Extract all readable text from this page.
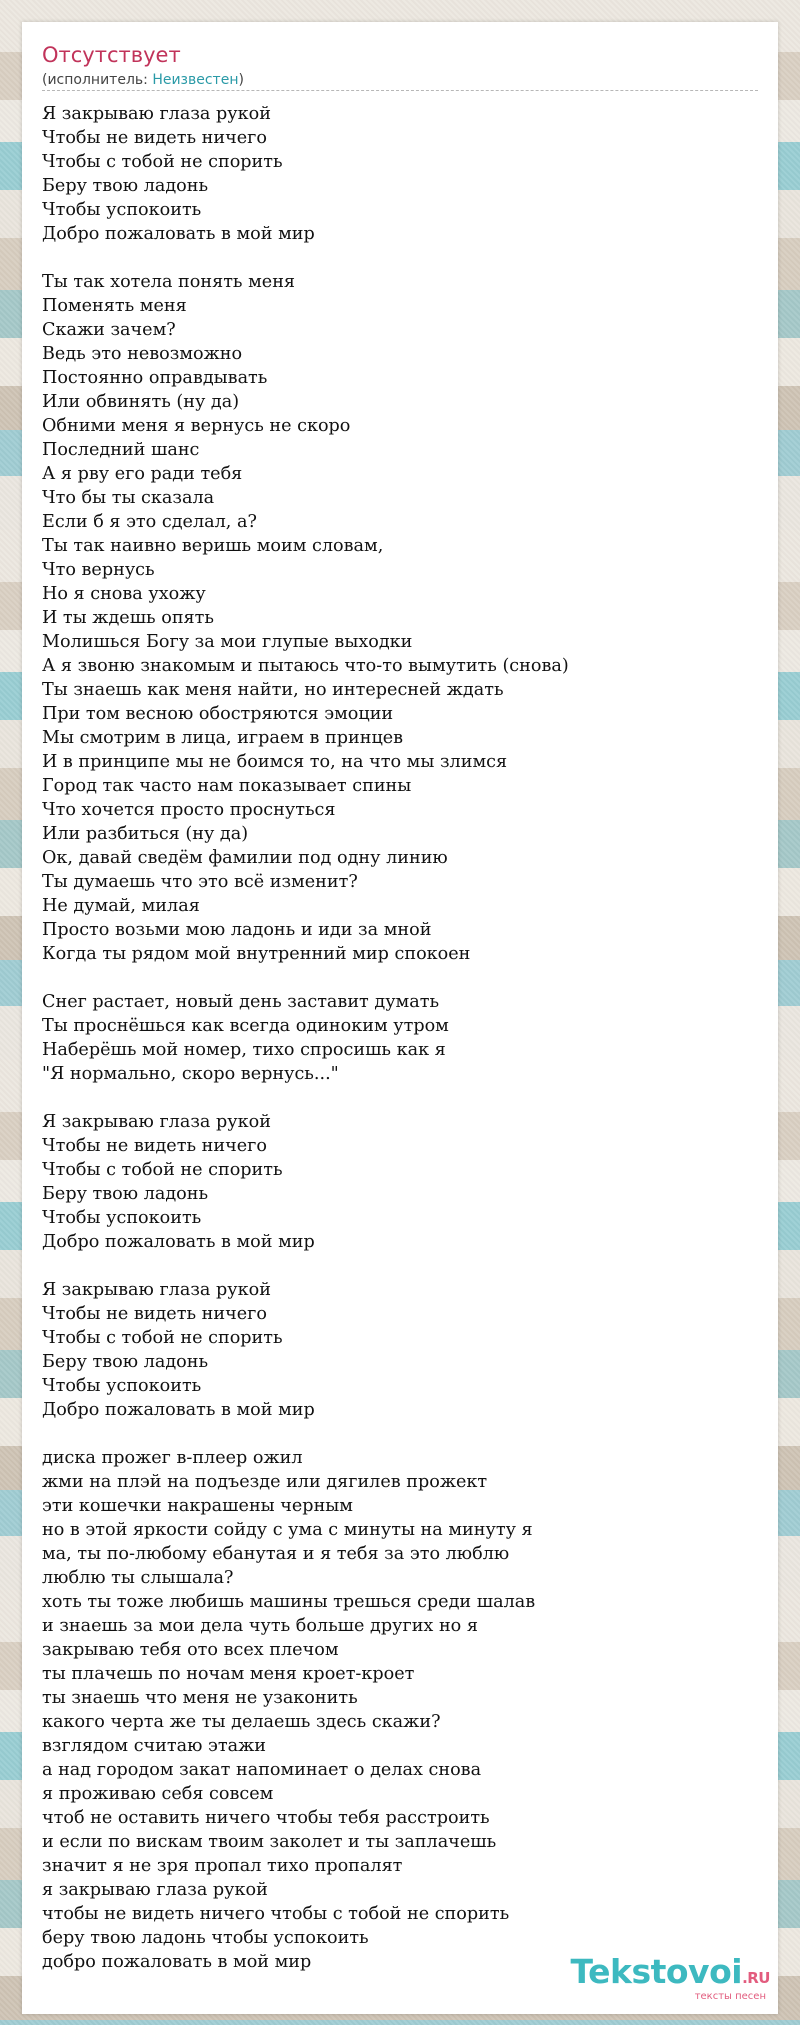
Отсутствует
(исполнитель: Неизвестен)
Я закрываю глаза рукой
Чтобы не видеть ничего
Чтобы с тобой не спорить
Беру твою ладонь
Чтобы успокоить
Добро пожаловать в мой мир

Ты так хотела понять меня
Поменять меня
Скажи зачем?
Ведь это невозможно
Постоянно оправдывать
Или обвинять (ну да)
Обними меня я вернусь не скоро
Последний шанс
А я рву его ради тебя
Что бы ты сказала
Если б я это сделал, а?
Ты так наивно веришь моим словам,
Что вернусь
Но я снова ухожу
И ты ждешь опять
Молишься Богу за мои глупые выходки
А я звоню знакомым и пытаюсь что-то вымутить (снова)
Ты знаешь как меня найти, но интересней ждать
При том весною обостряются эмоции
Мы смотрим в лица, играем в принцев
И в принципе мы не боимся то, на что мы злимся
Город так часто нам показывает спины
Что хочется просто проснуться
Или разбиться (ну да)
Ок, давай сведём фамилии под одну линию
Ты думаешь что это всё изменит?
Не думай, милая
Просто возьми мою ладонь и иди за мной
Когда ты рядом мой внутренний мир спокоен

Снег растает, новый день заставит думать
Ты проснёшься как всегда одиноким утром
Наберёшь мой номер, тихо спросишь как я
"Я нормально, скоро вернусь..."

Я закрываю глаза рукой
Чтобы не видеть ничего
Чтобы с тобой не спорить
Беру твою ладонь
Чтобы успокоить
Добро пожаловать в мой мир

Я закрываю глаза рукой
Чтобы не видеть ничего
Чтобы с тобой не спорить
Беру твою ладонь
Чтобы успокоить
Добро пожаловать в мой мир

диска прожег в-плеер ожил
жми на плэй на подъезде или дягилев прожект
эти кошечки накрашены черным
но в этой яркости сойду с ума с минуты на минуту я
ма, ты по-любому ебанутая и я тебя за это люблю
люблю ты слышала?
хоть ты тоже любишь машины трешься среди шалав
и знаешь за мои дела чуть больше других но я
закрываю тебя ото всех плечом
ты плачешь по ночам меня кроет-кроет
ты знаешь что меня не узаконить
какого черта же ты делаешь здесь скажи?
взглядом считаю этажи
а над городом закат напоминает о делах снова
я проживаю себя совсем
чтоб не оставить ничего чтобы тебя расстроить
и если по вискам твоим заколет и ты заплачешь
значит я не зря пропал тихо пропалят
я закрываю глаза рукой
чтобы не видеть ничего чтобы с тобой не спорить
беру твою ладонь чтобы успокоить
добро пожаловать в мой мир	Tekstovoi.RU
тексты песен
